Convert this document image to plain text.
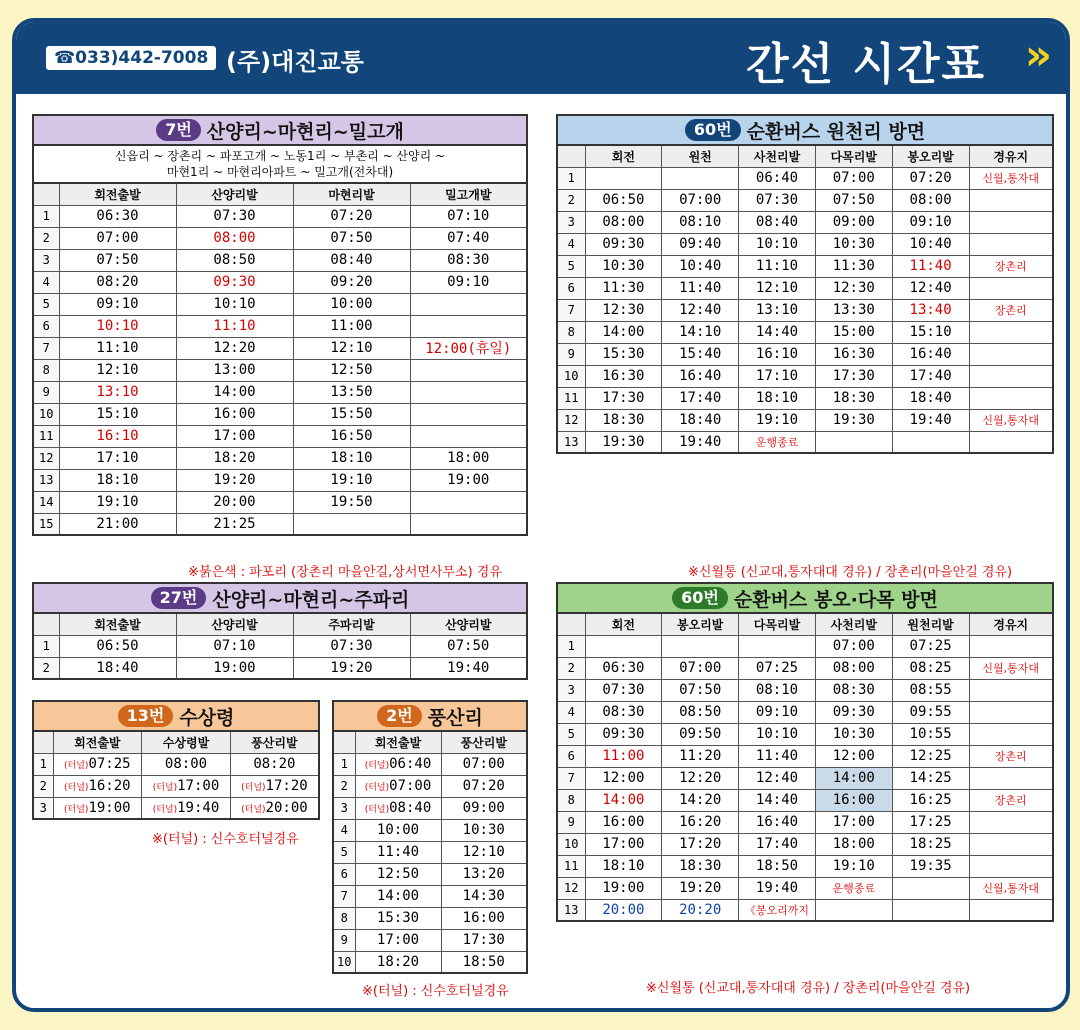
☎033)442-7008 (주)대진교통	간선 시간표 »
60번 순환버스 원천리 방면
	회전	원천	사천리발	다목리발	봉오리발	경유지
1			06:40	07:00	07:20	신월,통자대
2	06:50	07:00	07:30	07:50	08:00	
3	08:00	08:10	08:40	09:00	09:10	
4	09:30	09:40	10:10	10:30	10:40	
5	10:30	10:40	11:10	11:30	11:40	장촌리
6	11:30	11:40	12:10	12:30	12:40	
7	12:30	12:40	13:10	13:30	13:40	장촌리
8	14:00	14:10	14:40	15:00	15:10	
9	15:30	15:40	16:10	16:30	16:40	
10	16:30	16:40	17:10	17:30	17:40	
11	17:30	17:40	18:10	18:30	18:40	
12	18:30	18:40	19:10	19:30	19:40	신월,통자대
13	19:30	19:40	운행종료			
※신월통 (신교대,통자대대 경유) / 장촌리(마을안길 경유)
7번 산양리~마현리~밀고개
신읍리 ~ 장촌리 ~ 파포고개 ~ 노동1리 ~ 부촌리 ~ 산양리 ~
마현1리 ~ 마현리아파트 ~ 밀고개(전차대)
	회전출발	산양리발	마현리발	밀고개발
1	06:30	07:30	07:20	07:10
2	07:00	08:00	07:50	07:40
3	07:50	08:50	08:40	08:30
4	08:20	09:30	09:20	09:10
5	09:10	10:10	10:00	
6	10:10	11:10	11:00	
7	11:10	12:20	12:10	12:00(휴일)
8	12:10	13:00	12:50	
9	13:10	14:00	13:50	
10	15:10	16:00	15:50	
11	16:10	17:00	16:50	
12	17:10	18:20	18:10	18:00
13	18:10	19:20	19:10	19:00
14	19:10	20:00	19:50	
15	21:00	21:25		
※붉은색 : 파포리 (장촌리 마을안길,상서면사무소) 경유
60번 순환버스 봉오·다목 방면
	회전	봉오리발	다목리발	사천리발	원천리발	경유지
1				07:00	07:25	
2	06:30	07:00	07:25	08:00	08:25	신월,통자대
3	07:30	07:50	08:10	08:30	08:55	
4	08:30	08:50	09:10	09:30	09:55	
5	09:30	09:50	10:10	10:30	10:55	
6	11:00	11:20	11:40	12:00	12:25	장촌리
7	12:00	12:20	12:40	14:00	14:25	
8	14:00	14:20	14:40	16:00	16:25	장촌리
9	16:00	16:20	16:40	17:00	17:25	
10	17:00	17:20	17:40	18:00	18:25	
11	18:10	18:30	18:50	19:10	19:35	
12	19:00	19:20	19:40	운행종료		신월,통자대
13	20:00	20:20	《봉오리까지			
※신월통 (신교대,통자대대 경유) / 장촌리(마을안길 경유)
27번 산양리~마현리~주파리
	회전출발	산양리발	주파리발	산양리발
1	06:50	07:10	07:30	07:50
2	18:40	19:00	19:20	19:40
13번 수상령
	회전출발	수상령발	풍산리발
1	(터널)07:25	08:00	08:20
2	(터널)16:20	(터널)17:00	(터널)17:20
3	(터널)19:00	(터널)19:40	(터널)20:00
※(터널) : 신수호터널경유
2번 풍산리
	회전출발	풍산리발
1	(터널)06:40	07:00
2	(터널)07:00	07:20
3	(터널)08:40	09:00
4	10:00	10:30
5	11:40	12:10
6	12:50	13:20
7	14:00	14:30
8	15:30	16:00
9	17:00	17:30
10	18:20	18:50
※(터널) : 신수호터널경유
